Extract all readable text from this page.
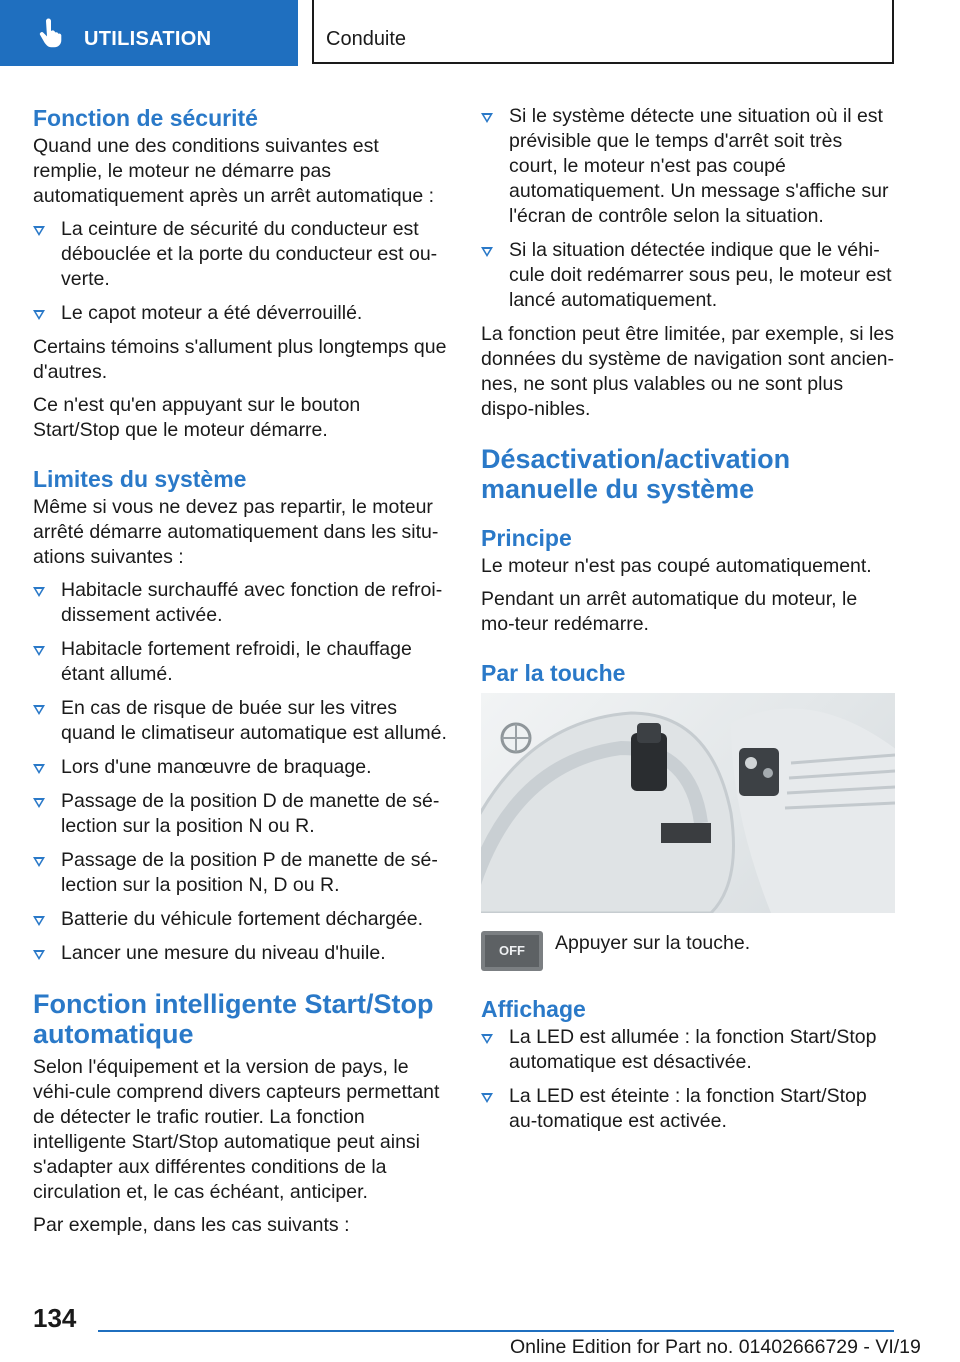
UTILISATION	Conduite
Fonction de sécurité

Quand une des conditions suivantes est remplie, le moteur ne démarre pas automatiquement après un arrêt automatique :

La ceinture de sécurité du conducteur est débouclée et la porte du conducteur est ou-verte.
Le capot moteur a été déverrouillé.

Certains témoins s'allument plus longtemps que d'autres.

Ce n'est qu'en appuyant sur le bouton Start/Stop que le moteur démarre.

Limites du système

Même si vous ne devez pas repartir, le moteur arrêté démarre automatiquement dans les situ-ations suivantes :

Habitacle surchauffé avec fonction de refroi-dissement activée.
Habitacle fortement refroidi, le chauffage étant allumé.
En cas de risque de buée sur les vitres quand le climatiseur automatique est allumé.
Lors d'une manœuvre de braquage.
Passage de la position D de manette de sé-lection sur la position N ou R.
Passage de la position P de manette de sé-lection sur la position N, D ou R.
Batterie du véhicule fortement déchargée.
Lancer une mesure du niveau d'huile.
Fonction intelligente Start/Stop automatique

Selon l'équipement et la version de pays, le véhi-cule comprend divers capteurs permettant de détecter le trafic routier. La fonction intelligente Start/Stop automatique peut ainsi s'adapter aux différentes conditions de la circulation et, le cas échéant, anticiper.

Par exemple, dans les cas suivants :

Si le système détecte une situation où il est prévisible que le temps d'arrêt soit très court, le moteur n'est pas coupé automatiquement. Un message s'affiche sur l'écran de contrôle selon la situation.
Si la situation détectée indique que le véhi-cule doit redémarrer sous peu, le moteur est lancé automatiquement.

La fonction peut être limitée, par exemple, si les données du système de navigation sont ancien-nes, ne sont plus valables ou ne sont plus dispo-nibles.

Désactivation/activation manuelle du système
Principe

Le moteur n'est pas coupé automatiquement.

Pendant un arrêt automatique du moteur, le mo-teur redémarre.

Par la touche
OFF	Appuyer sur la touche.
Affichage
La LED est allumée : la fonction Start/Stop automatique est désactivée.
La LED est éteinte : la fonction Start/Stop au-tomatique est activée.
134
Online Edition for Part no. 01402666729 - VI/19
